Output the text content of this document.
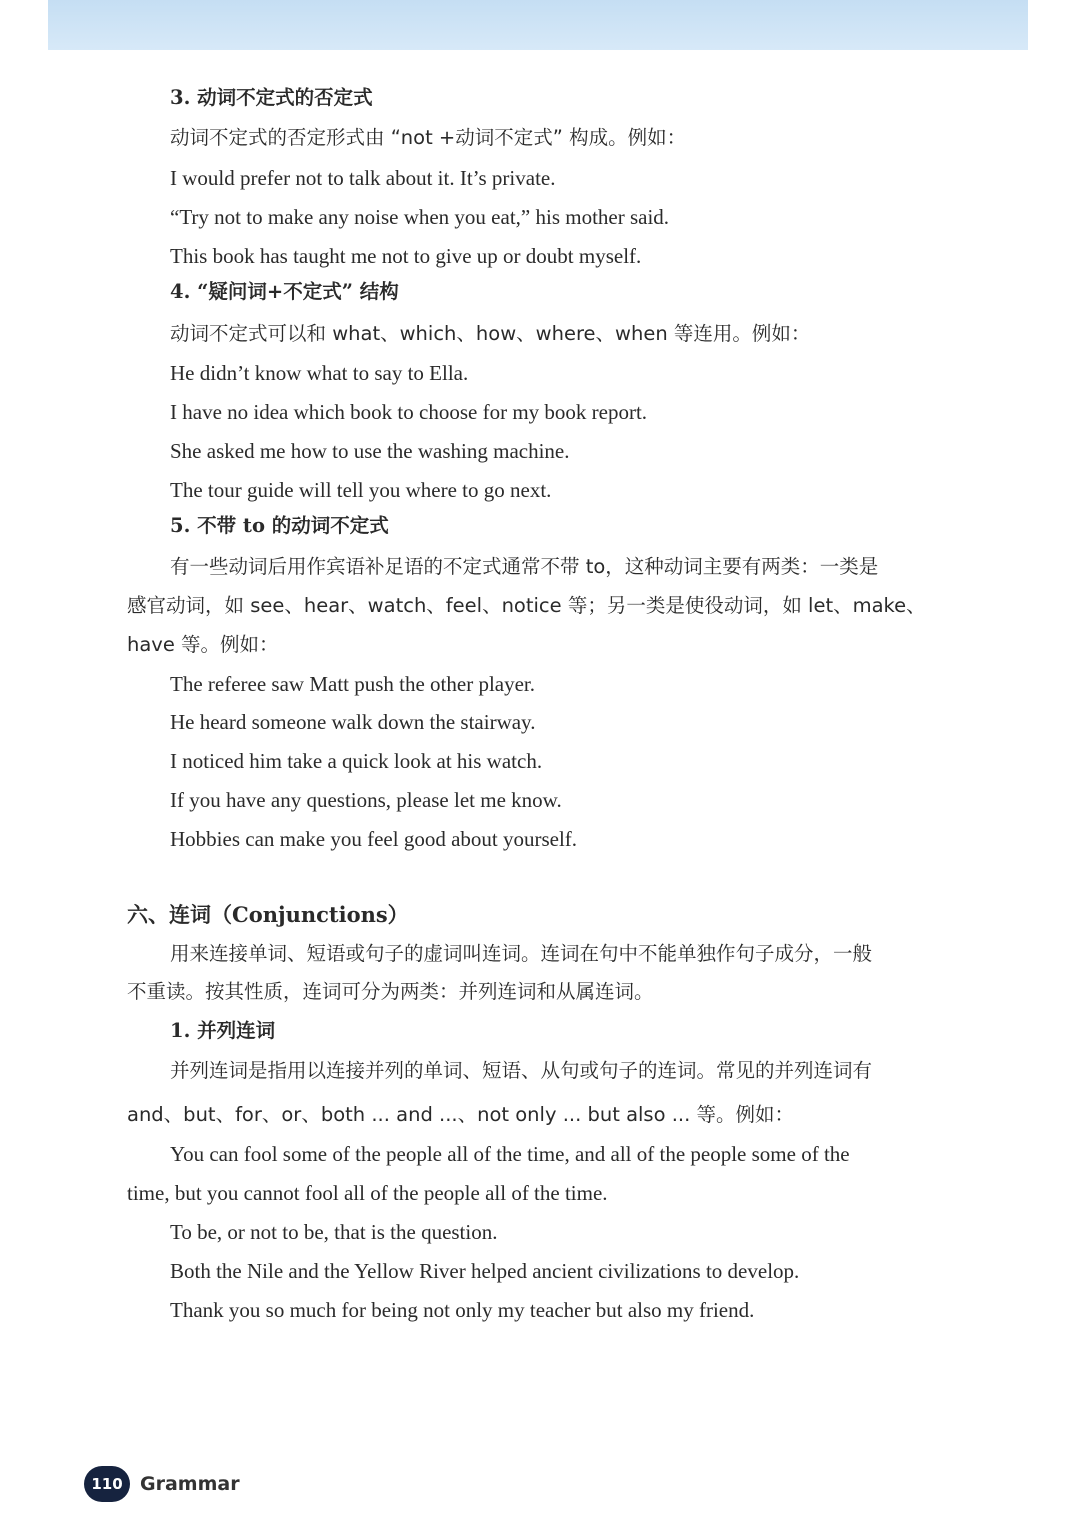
3. 动词不定式的否定式

动词不定式的否定形式由 “not +动词不定式” 构成。例如：

I would prefer not to talk about it. It’s private.

“Try not to make any noise when you eat,” his mother said.

This book has taught me not to give up or doubt myself.

4. “疑问词+不定式” 结构

动词不定式可以和 what、which、how、where、when 等连用。例如：

He didn’t know what to say to Ella.

I have no idea which book to choose for my book report.

She asked me how to use the washing machine.

The tour guide will tell you where to go next.

5. 不带 to 的动词不定式

有一些动词后用作宾语补足语的不定式通常不带 to，这种动词主要有两类：一类是

感官动词，如 see、hear、watch、feel、notice 等；另一类是使役动词，如 let、make、

have 等。例如：

The referee saw Matt push the other player.

He heard someone walk down the stairway.

I noticed him take a quick look at his watch.

If you have any questions, please let me know.

Hobbies can make you feel good about yourself.

六、连词（Conjunctions）

用来连接单词、短语或句子的虚词叫连词。连词在句中不能单独作句子成分，一般

不重读。按其性质，连词可分为两类：并列连词和从属连词。

1. 并列连词

并列连词是指用以连接并列的单词、短语、从句或句子的连词。常见的并列连词有

and、but、for、or、both ... and ...、not only ... but also ... 等。例如：

You can fool some of the people all of the time, and all of the people some of the

time, but you cannot fool all of the people all of the time.

To be, or not to be, that is the question.

Both the Nile and the Yellow River helped ancient civilizations to develop.

Thank you so much for being not only my teacher but also my friend.

110 Grammar
